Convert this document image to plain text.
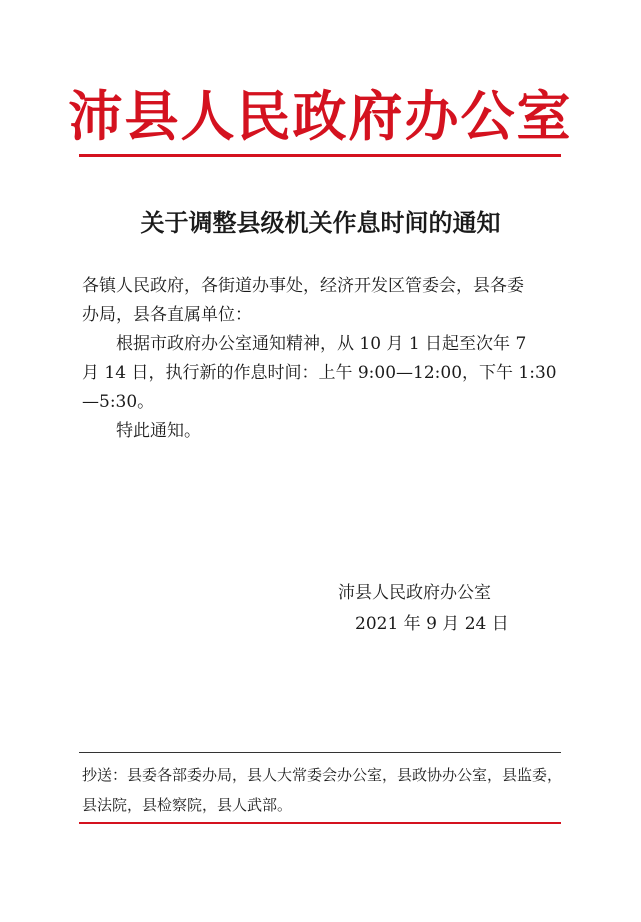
沛县人民政府办公室
关于调整县级机关作息时间的通知

各镇人民政府，各街道办事处，经济开发区管委会，县各委

办局，县各直属单位：

根据市政府办公室通知精神，从 10 月 1 日起至次年 7

月 14 日，执行新的作息时间：上午 9:00—12:00，下午 1:30

—5:30。

特此通知。

沛县人民政府办公室
2021 年 9 月 24 日

抄送：县委各部委办局，县人大常委会办公室，县政协办公室，县监委，

县法院，县检察院，县人武部。
